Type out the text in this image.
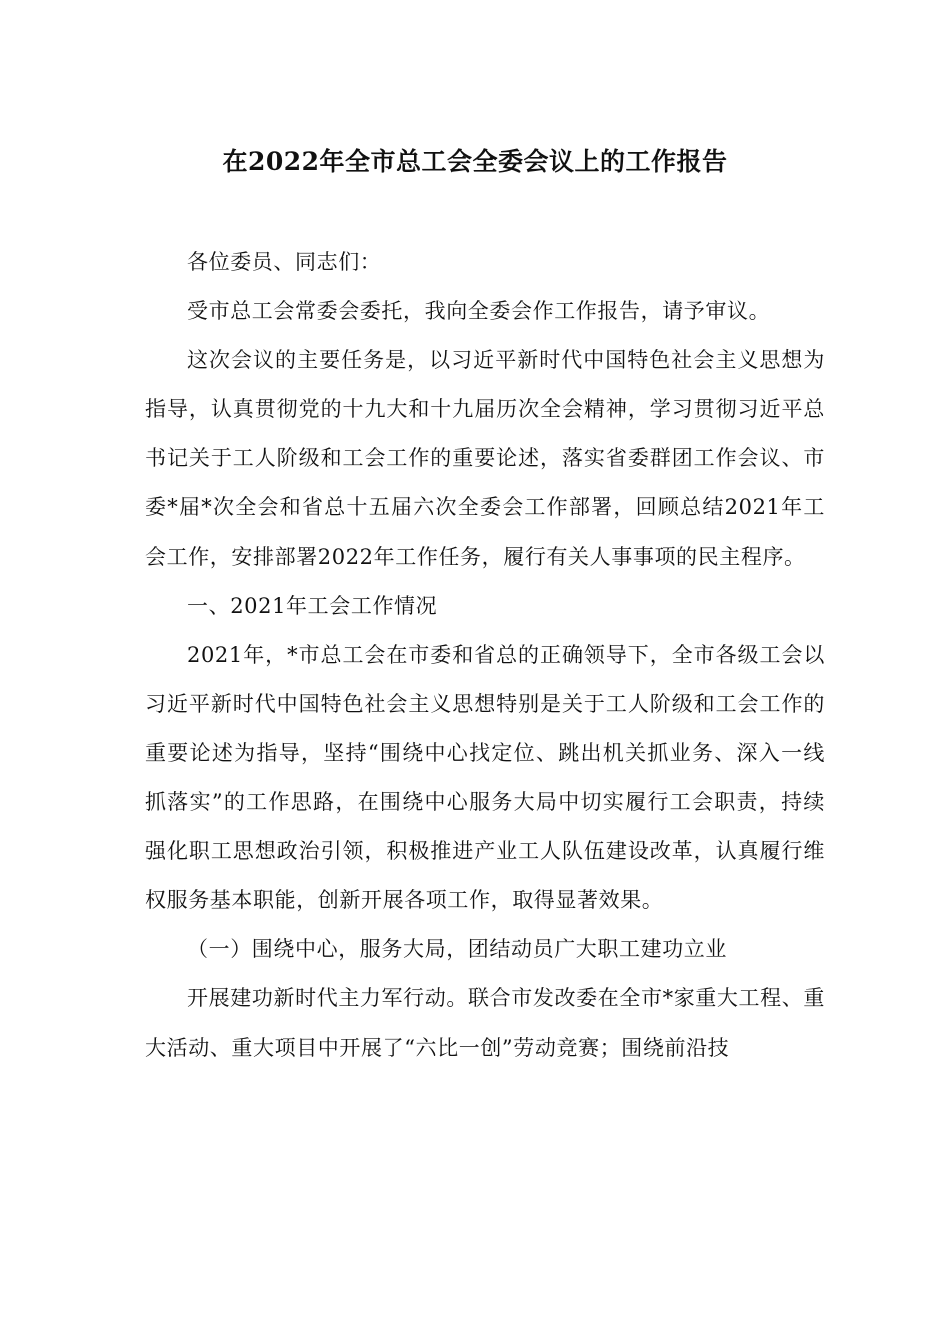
在2022年全市总工会全委会议上的工作报告

各位委员、同志们：

受市总工会常委会委托，我向全委会作工作报告，请予审议。

这次会议的主要任务是，以习近平新时代中国特色社会主义思想为指导，认真贯彻党的十九大和十九届历次全会精神，学习贯彻习近平总书记关于工人阶级和工会工作的重要论述，落实省委群团工作会议、市委*届*次全会和省总十五届六次全委会工作部署，回顾总结2021年工会工作，安排部署2022年工作任务，履行有关人事事项的民主程序。

一、2021年工会工作情况

2021年，*市总工会在市委和省总的正确领导下，全市各级工会以习近平新时代中国特色社会主义思想特别是关于工人阶级和工会工作的重要论述为指导，坚持“围绕中心找定位、跳出机关抓业务、深入一线抓落实”的工作思路，在围绕中心服务大局中切实履行工会职责，持续强化职工思想政治引领，积极推进产业工人队伍建设改革，认真履行维权服务基本职能，创新开展各项工作，取得显著效果。

（一）围绕中心，服务大局，团结动员广大职工建功立业

开展建功新时代主力军行动。联合市发改委在全市*家重大工程、重大活动、重大项目中开展了“六比一创”劳动竞赛；围绕前沿技
